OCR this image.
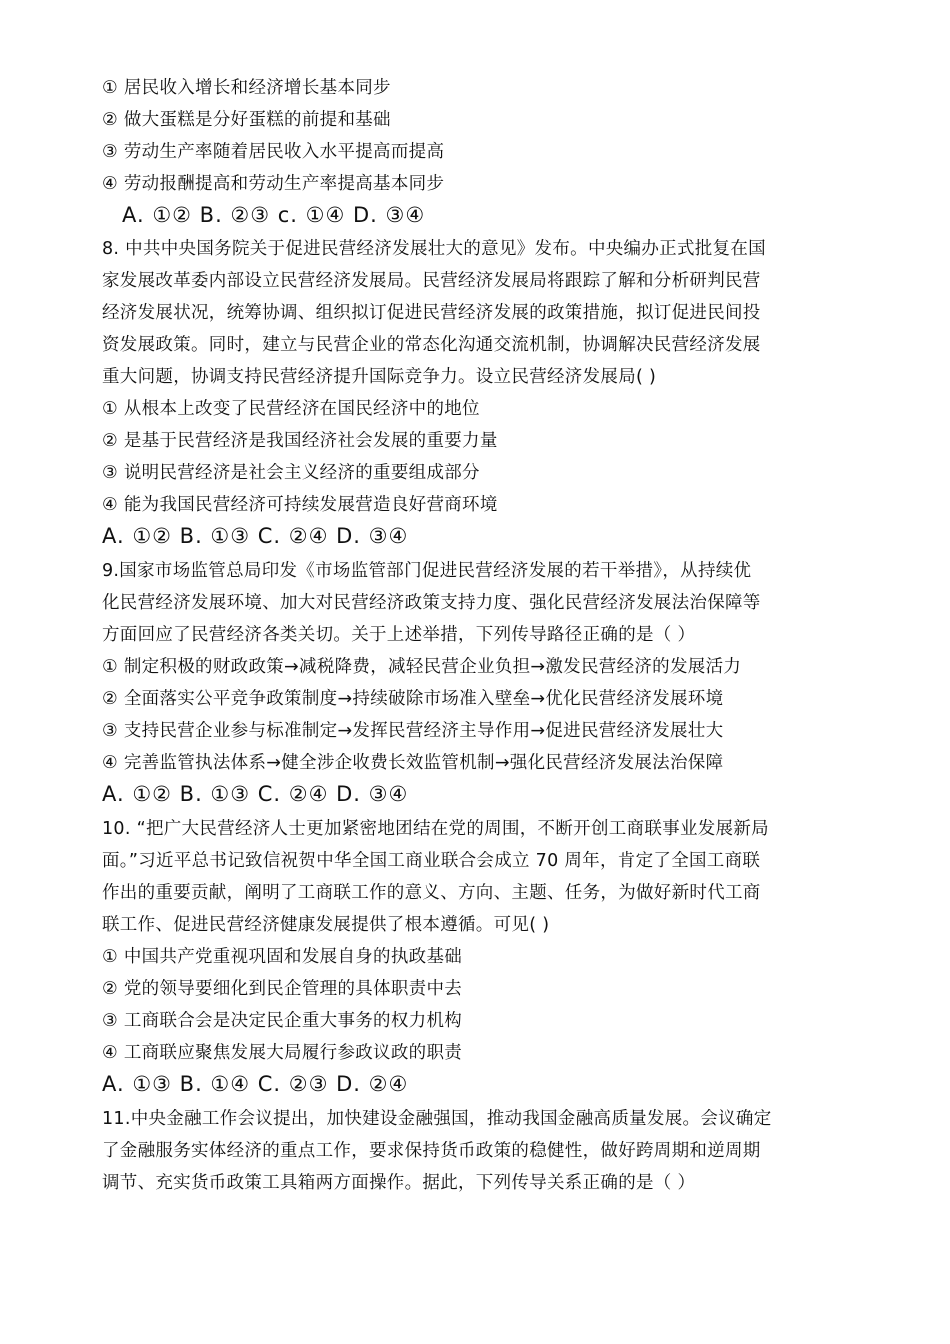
① 居民收入增长和经济增长基本同步
② 做大蛋糕是分好蛋糕的前提和基础
③ 劳动生产率随着居民收入水平提高而提高
④ 劳动报酬提高和劳动生产率提高基本同步
A. ①② B. ②③ c. ①④ D. ③④
8. 中共中央国务院关于促进民营经济发展壮大的意见》发布。中央编办正式批复在国
家发展改革委内部设立民营经济发展局。民营经济发展局将跟踪了解和分析研判民营
经济发展状况，统筹协调、组织拟订促进民营经济发展的政策措施，拟订促进民间投
资发展政策。同时，建立与民营企业的常态化沟通交流机制，协调解决民营经济发展
重大问题，协调支持民营经济提升国际竞争力。设立民营经济发展局( )
① 从根本上改变了民营经济在国民经济中的地位
② 是基于民营经济是我国经济社会发展的重要力量
③ 说明民营经济是社会主义经济的重要组成部分
④ 能为我国民营经济可持续发展营造良好营商环境
A. ①② B. ①③ C. ②④ D. ③④
9.国家市场监管总局印发《市场监管部门促进民营经济发展的若干举措》，从持续优
化民营经济发展环境、加大对民营经济政策支持力度、强化民营经济发展法治保障等
方面回应了民营经济各类关切。关于上述举措，下列传导路径正确的是（ ）
① 制定积极的财政政策→减税降费，减轻民营企业负担→激发民营经济的发展活力
② 全面落实公平竞争政策制度→持续破除市场准入壁垒→优化民营经济发展环境
③ 支持民营企业参与标准制定→发挥民营经济主导作用→促进民营经济发展壮大
④ 完善监管执法体系→健全涉企收费长效监管机制→强化民营经济发展法治保障
A. ①② B. ①③ C. ②④ D. ③④
10. “把广大民营经济人士更加紧密地团结在党的周围，不断开创工商联事业发展新局
面。”习近平总书记致信祝贺中华全国工商业联合会成立 70 周年，肯定了全国工商联
作出的重要贡献，阐明了工商联工作的意义、方向、主题、任务，为做好新时代工商
联工作、促进民营经济健康发展提供了根本遵循。可见( )
① 中国共产党重视巩固和发展自身的执政基础
② 党的领导要细化到民企管理的具体职责中去
③ 工商联合会是决定民企重大事务的权力机构
④ 工商联应聚焦发展大局履行参政议政的职责
A. ①③ B. ①④ C. ②③ D. ②④
11.中央金融工作会议提出，加快建设金融强国，推动我国金融高质量发展。会议确定
了金融服务实体经济的重点工作，要求保持货币政策的稳健性，做好跨周期和逆周期
调节、充实货币政策工具箱两方面操作。据此，下列传导关系正确的是（ ）
